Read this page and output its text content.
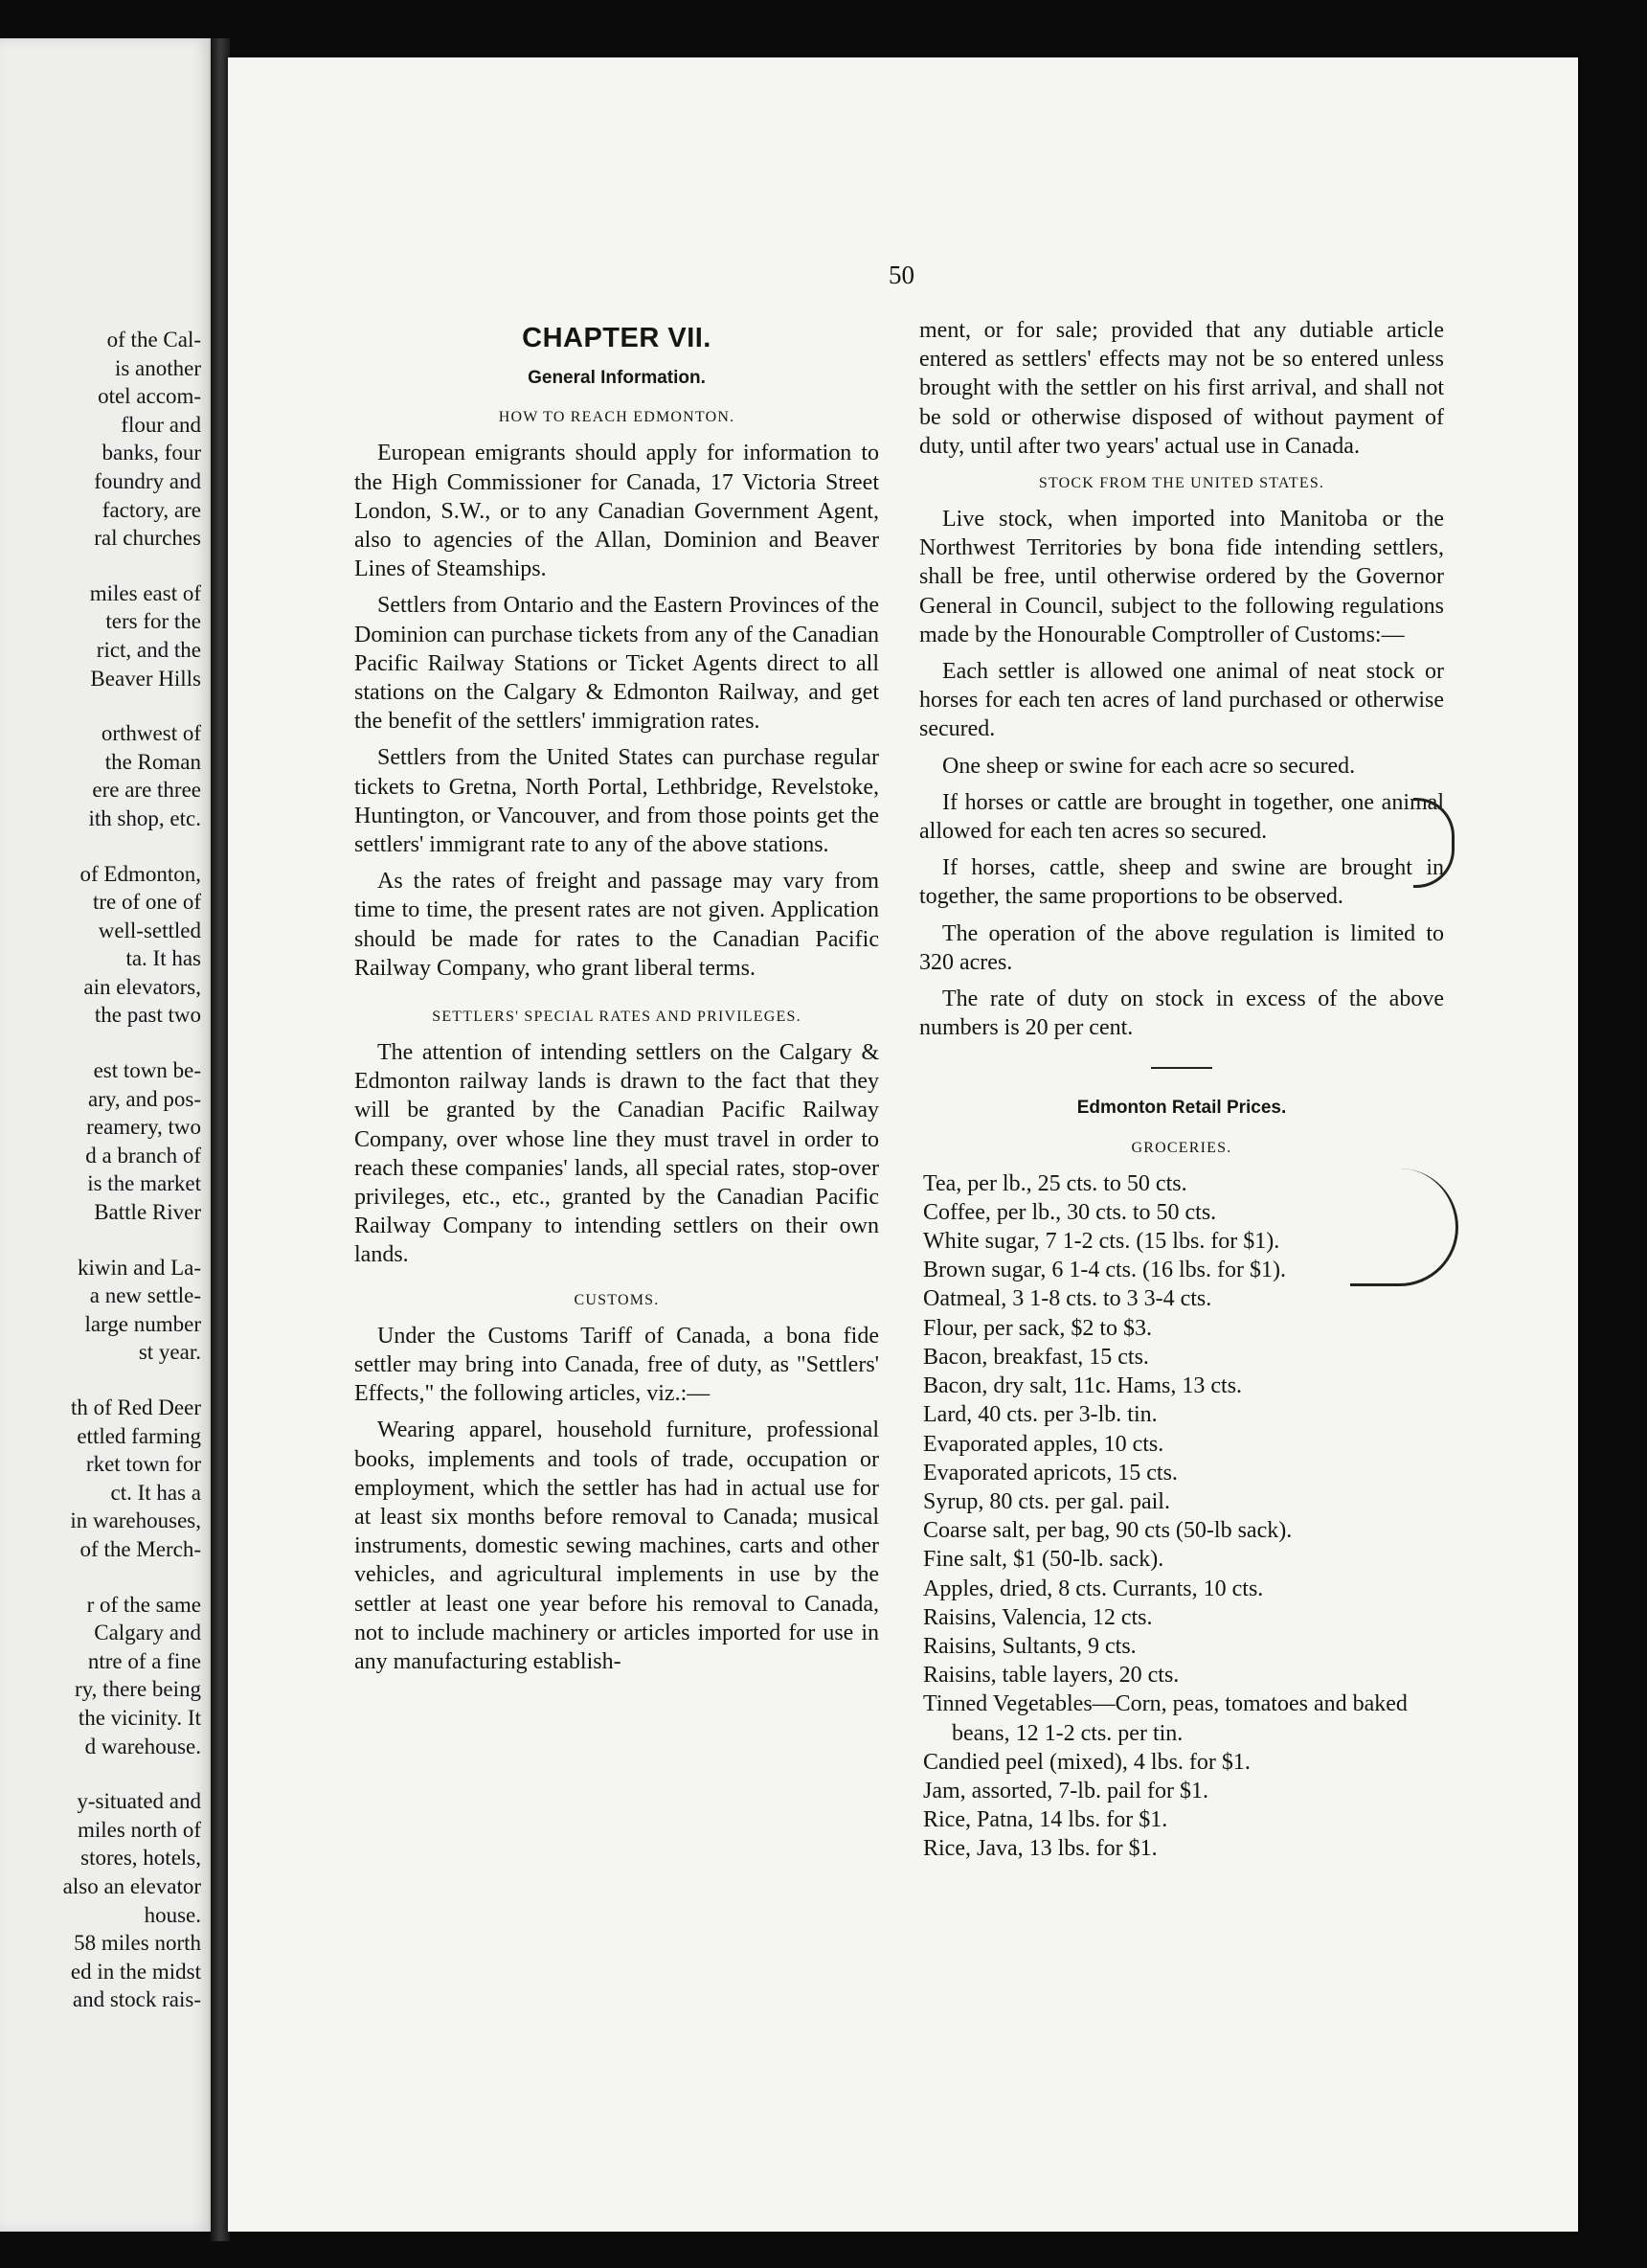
of the Cal-
is another
otel accom-
flour and
banks, four
foundry and
factory, are
ral churches
miles east of
ters for the
rict, and the
Beaver Hills
orthwest of
the Roman
ere are three
ith shop, etc.
of Edmonton,
tre of one of
well-settled
ta. It has
ain elevators,
the past two
est town be-
ary, and pos-
reamery, two
d a branch of
is the market
Battle River
kiwin and La-
a new settle-
large number
st year.
th of Red Deer
ettled farming
rket town for
ct. It has a
in warehouses,
of the Merch-
r of the same
Calgary and
ntre of a fine
ry, there being
the vicinity. It
d warehouse.
y-situated and
miles north of
stores, hotels,
also an elevator
house.
58 miles north
ed in the midst
and stock rais-
50
CHAPTER VII.
General Information.
HOW TO REACH EDMONTON.

European emigrants should apply for information to the High Commissioner for Canada, 17 Victoria Street London, S.W., or to any Canadian Government Agent, also to agencies of the Allan, Dominion and Beaver Lines of Steamships.

Settlers from Ontario and the Eastern Provinces of the Dominion can purchase tickets from any of the Canadian Pacific Railway Stations or Ticket Agents direct to all stations on the Calgary & Edmonton Railway, and get the benefit of the settlers' immigration rates.

Settlers from the United States can purchase regular tickets to Gretna, North Portal, Lethbridge, Revelstoke, Huntington, or Vancouver, and from those points get the settlers' immigrant rate to any of the above stations.

As the rates of freight and passage may vary from time to time, the present rates are not given. Application should be made for rates to the Canadian Pacific Railway Company, who grant liberal terms.

SETTLERS' SPECIAL RATES AND PRIVILEGES.

The attention of intending settlers on the Calgary & Edmonton railway lands is drawn to the fact that they will be granted by the Canadian Pacific Railway Company, over whose line they must travel in order to reach these companies' lands, all special rates, stop-over privileges, etc., etc., granted by the Canadian Pacific Railway Company to intending settlers on their own lands.

CUSTOMS.

Under the Customs Tariff of Canada, a bona fide settler may bring into Canada, free of duty, as "Settlers' Effects," the following articles, viz.:—

Wearing apparel, household furniture, professional books, implements and tools of trade, occupation or employment, which the settler has had in actual use for at least six months before removal to Canada; musical instruments, domestic sewing machines, carts and other vehicles, and agricultural implements in use by the settler at least one year before his removal to Canada, not to include machinery or articles imported for use in any manufacturing establish-

ment, or for sale; provided that any dutiable article entered as settlers' effects may not be so entered unless brought with the settler on his first arrival, and shall not be sold or otherwise disposed of without payment of duty, until after two years' actual use in Canada.

STOCK FROM THE UNITED STATES.

Live stock, when imported into Manitoba or the Northwest Territories by bona fide intending settlers, shall be free, until otherwise ordered by the Governor General in Council, subject to the following regulations made by the Honourable Comptroller of Customs:—

Each settler is allowed one animal of neat stock or horses for each ten acres of land purchased or otherwise secured.

One sheep or swine for each acre so secured.

If horses or cattle are brought in together, one animal allowed for each ten acres so secured.

If horses, cattle, sheep and swine are brought in together, the same proportions to be observed.

The operation of the above regulation is limited to 320 acres.

The rate of duty on stock in excess of the above numbers is 20 per cent.

Edmonton Retail Prices.
GROCERIES.
Tea, per lb., 25 cts. to 50 cts.
Coffee, per lb., 30 cts. to 50 cts.
White sugar, 7 1-2 cts. (15 lbs. for $1).
Brown sugar, 6 1-4 cts. (16 lbs. for $1).
Oatmeal, 3 1-8 cts. to 3 3-4 cts.
Flour, per sack, $2 to $3.
Bacon, breakfast, 15 cts.
Bacon, dry salt, 11c. Hams, 13 cts.
Lard, 40 cts. per 3-lb. tin.
Evaporated apples, 10 cts.
Evaporated apricots, 15 cts.
Syrup, 80 cts. per gal. pail.
Coarse salt, per bag, 90 cts (50-lb sack).
Fine salt, $1 (50-lb. sack).
Apples, dried, 8 cts. Currants, 10 cts.
Raisins, Valencia, 12 cts.
Raisins, Sultants, 9 cts.
Raisins, table layers, 20 cts.
Tinned Vegetables—Corn, peas, tomatoes and baked beans, 12 1-2 cts. per tin.
Candied peel (mixed), 4 lbs. for $1.
Jam, assorted, 7-lb. pail for $1.
Rice, Patna, 14 lbs. for $1.
Rice, Java, 13 lbs. for $1.
